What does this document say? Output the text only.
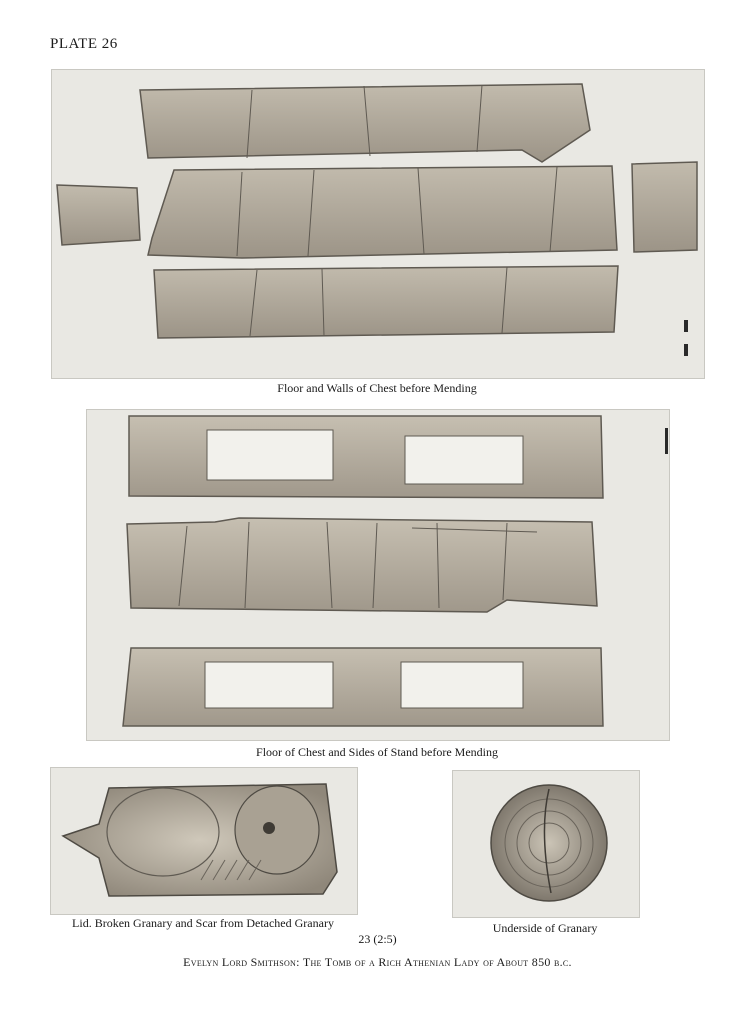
PLATE 26
Floor and Walls of Chest before Mending
Floor of Chest and Sides of Stand before Mending
Lid. Broken Granary and Scar from Detached Granary	Underside of Granary
23 (2:5)
Evelyn Lord Smithson: The Tomb of a Rich Athenian Lady of About 850 b.c.
